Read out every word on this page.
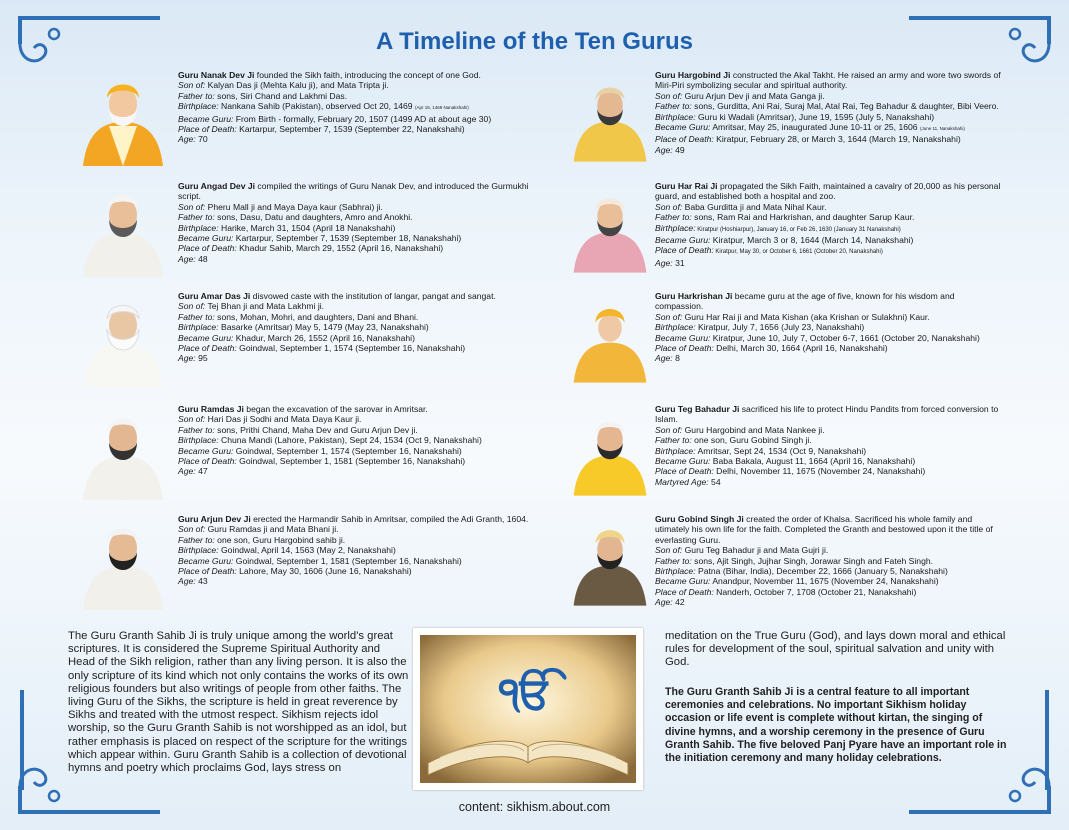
A Timeline of the Ten Gurus

Guru Nanak Dev Ji founded the Sikh faith, introducing the concept of one God.

Son of: Kalyan Das ji (Mehta Kalu ji), and Mata Tripta ji.

Father to: sons, Siri Chand and Lakhmi Das.

Birthplace: Nankana Sahib (Pakistan), observed Oct 20, 1469 (Apr 15, 1469 Nanakshahi)

Became Guru: From Birth - formally, February 20, 1507 (1499 AD at about age 30)

Place of Death: Kartarpur, September 7, 1539 (September 22, Nanakshahi)

Age: 70

Guru Angad Dev Ji compiled the writings of Guru Nanak Dev, and introduced the Gurmukhi script.

Son of: Pheru Mall ji and Maya Daya kaur (Sabhrai) ji.

Father to: sons, Dasu, Datu and daughters, Amro and Anokhi.

Birthplace: Harike, March 31, 1504 (April 18 Nanakshahi)

Became Guru: Kartarpur, September 7, 1539 (September 18, Nanakshahi)

Place of Death: Khadur Sahib, March 29, 1552 (April 16, Nanakshahi)

Age: 48

Guru Amar Das Ji disvowed caste with the institution of langar, pangat and sangat.

Son of: Tej Bhan ji and Mata Lakhmi ji.

Father to: sons, Mohan, Mohri, and daughters, Dani and Bhani.

Birthplace: Basarke (Amritsar) May 5, 1479 (May 23, Nanakshahi)

Became Guru: Khadur, March 26, 1552 (April 16, Nanakshahi)

Place of Death: Goindwal, September 1, 1574 (September 16, Nanakshahi)

Age: 95

Guru Ramdas Ji began the excavation of the sarovar in Amritsar.

Son of: Hari Das ji Sodhi and Mata Daya Kaur ji.

Father to: sons, Prithi Chand, Maha Dev and Guru Arjun Dev ji.

Birthplace: Chuna Mandi (Lahore, Pakistan), Sept 24, 1534 (Oct 9, Nanakshahi)

Became Guru: Goindwal, September 1, 1574 (September 16, Nanakshahi)

Place of Death: Goindwal, September 1, 1581 (September 16, Nanakshahi)

Age: 47

Guru Arjun Dev Ji erected the Harmandir Sahib in Amritsar, compiled the Adi Granth, 1604.

Son of: Guru Ramdas ji and Mata Bhani ji.

Father to: one son, Guru Hargobind sahib ji.

Birthplace: Goindwal, April 14, 1563 (May 2, Nanakshahi)

Became Guru: Goindwal, September 1, 1581 (September 16, Nanakshahi)

Place of Death: Lahore, May 30, 1606 (June 16, Nanakshahi)

Age: 43

Guru Hargobind Ji constructed the Akal Takht. He raised an army and wore two swords of Miri-Piri symbolizing secular and spiritual authority.

Son of: Guru Arjun Dev ji and Mata Ganga ji.

Father to: sons, Gurditta, Ani Rai, Suraj Mal, Atal Rai, Teg Bahadur & daughter, Bibi Veero.

Birthplace: Guru ki Wadali (Amritsar), June 19, 1595 (July 5, Nanakshahi)

Became Guru: Amritsar, May 25, inaugurated June 10-11 or 25, 1606 (June 11, Nanakshahi)

Place of Death: Kiratpur, February 28, or March 3, 1644 (March 19, Nanakshahi)

Age: 49

Guru Har Rai Ji propagated the Sikh Faith, maintained a cavalry of 20,000 as his personal guard, and established both a hospital and zoo.

Son of: Baba Gurditta ji and Mata Nihal Kaur.

Father to: sons, Ram Rai and Harkrishan, and daughter Sarup Kaur.

Birthplace: Kiratpur (Hoshiarpur), January 16, or Feb 26, 1630 (January 31 Nanakshahi)

Became Guru: Kiratpur, March 3 or 8, 1644 (March 14, Nanakshahi)

Place of Death: Kiratpur, May 30, or October 6, 1661 (October 20, Nanakshahi)

Age: 31

Guru Harkrishan Ji became guru at the age of five, known for his wisdom and compassion.

Son of: Guru Har Rai ji and Mata Kishan (aka Krishan or Sulakhni) Kaur.

Birthplace: Kiratpur, July 7, 1656 (July 23, Nanakshahi)

Became Guru: Kiratpur, June 10, July 7, October 6-7, 1661 (October 20, Nanakshahi)

Place of Death: Delhi, March 30, 1664 (April 16, Nanakshahi)

Age: 8

Guru Teg Bahadur Ji sacrificed his life to protect Hindu Pandits from forced conversion to Islam.

Son of: Guru Hargobind and Mata Nankee ji.

Father to: one son, Guru Gobind Singh ji.

Birthplace: Amritsar, Sept 24, 1534 (Oct 9, Nanakshahi)

Became Guru: Baba Bakala, August 11, 1664 (April 16, Nanakshahi)

Place of Death: Delhi, November 11, 1675 (November 24, Nanakshahi)

Martyred Age: 54

Guru Gobind Singh Ji created the order of Khalsa. Sacrificed his whole family and utimately his own life for the faith. Completed the Granth and bestowed upon it the title of everlasting Guru.

Son of: Guru Teg Bahadur ji and Mata Gujri ji.

Father to: sons, Ajit Singh, Jujhar Singh, Jorawar Singh and Fateh Singh.

Birthplace: Patna (Bihar, India), December 22, 1666 (January 5, Nanakshahi)

Became Guru: Anandpur, November 11, 1675 (November 24, Nanakshahi)

Place of Death: Nanderh, October 7, 1708 (October 21, Nanakshahi)

Age: 42

The Guru Granth Sahib Ji is truly unique among the world's great scriptures. It is considered the Supreme Spiritual Authority and Head of the Sikh religion, rather than any living person. It is also the only scripture of its kind which not only contains the works of its own religious founders but also writings of people from other faiths. The living Guru of the Sikhs, the scripture is held in great reverence by Sikhs and treated with the utmost respect. Sikhism rejects idol worship, so the Guru Granth Sahib is not worshipped as an idol, but rather emphasis is placed on respect of the scripture for the writings which appear within. Guru Granth Sahib is a collection of devotional hymns and poetry which proclaims God, lays stress on

ੴ

meditation on the True Guru (God), and lays down moral and ethical rules for development of the soul, spiritual salvation and unity with God.

The Guru Granth Sahib Ji is a central feature to all important ceremonies and celebrations. No important Sikhism holiday occasion or life event is complete without kirtan, the singing of divine hymns, and a worship ceremony in the presence of Guru Granth Sahib. The five beloved Panj Pyare have an important role in the initiation ceremony and many holiday celebrations.

content: sikhism.about.com
